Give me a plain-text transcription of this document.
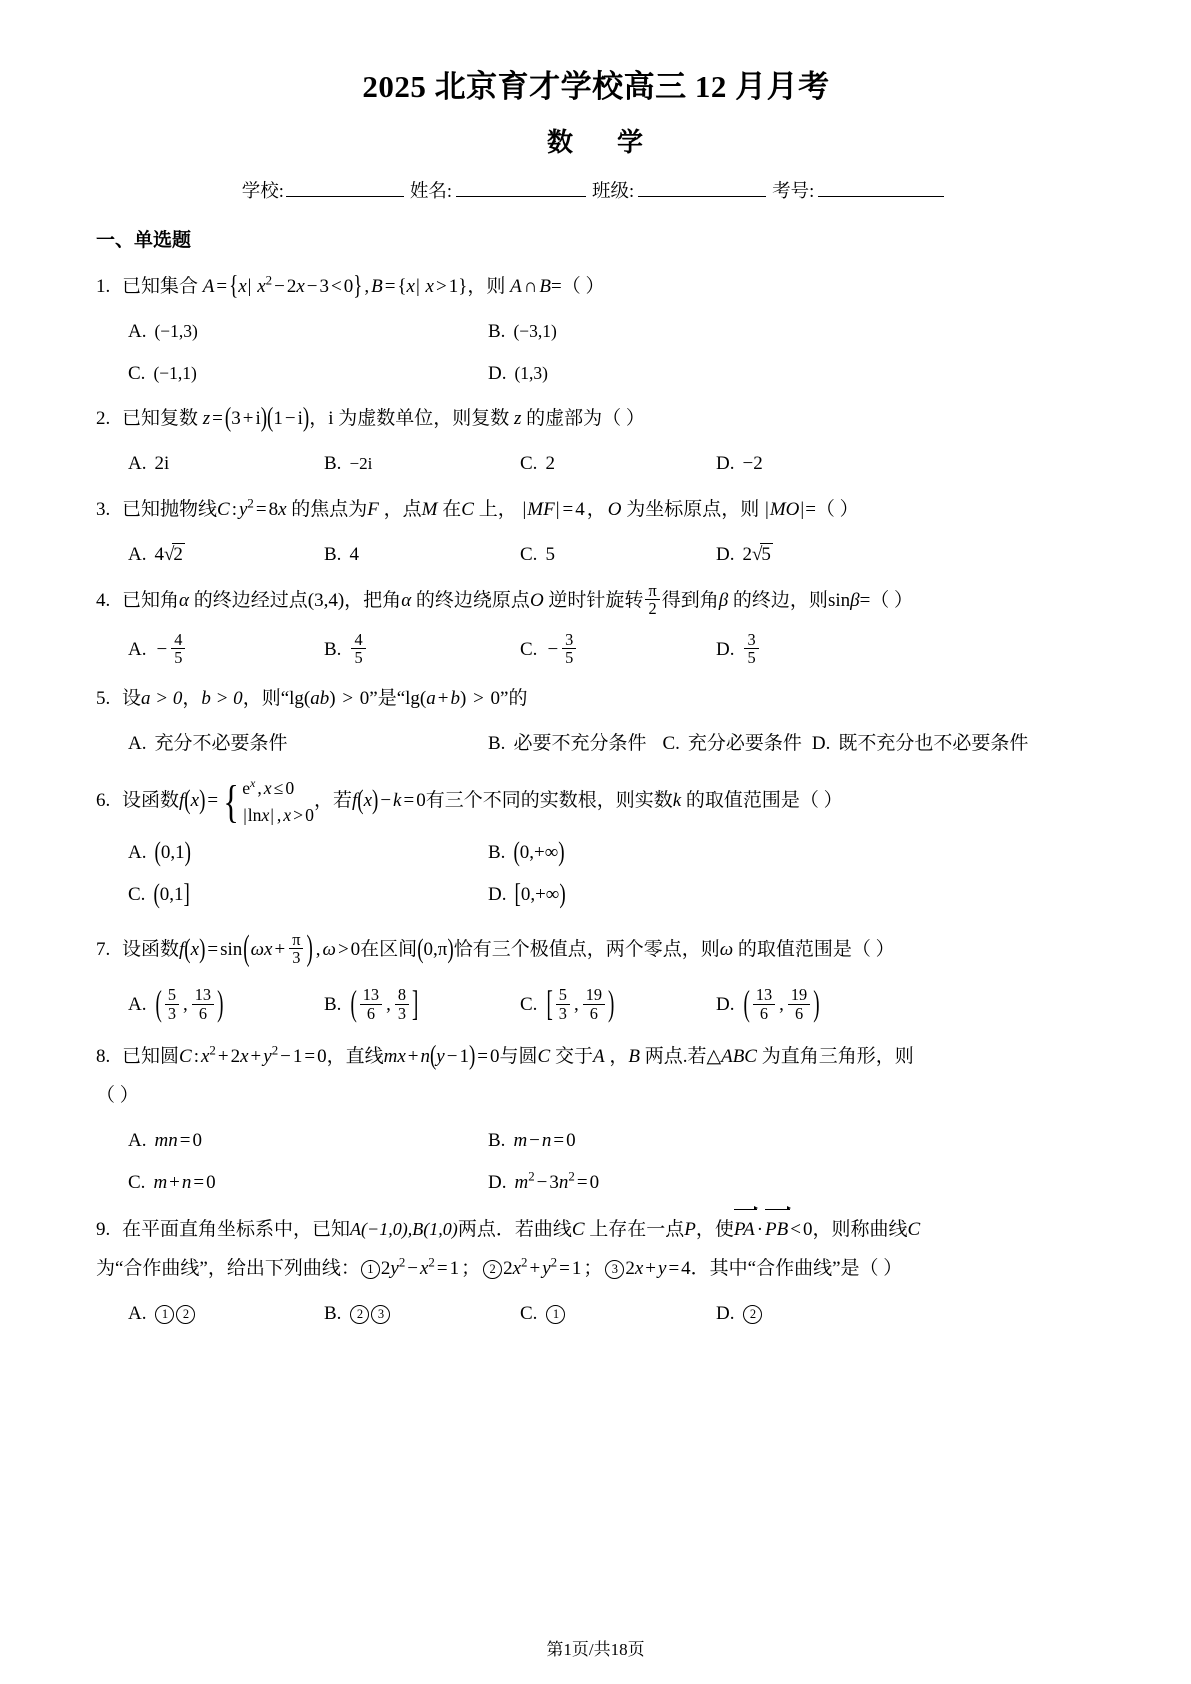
2025 北京育才学校高三 12 月月考
数 学
学校:	姓名:	班级:	考号:
一、单选题
1. 已知集合 A = {x| $x^2 - 2x - 3 < 0$} , B = {x| x > 1}，则 A ∩ B=（ ）
A. (−1,3)	B. (−3,1)
C. (−1,1)	D. (1,3)
2. 已知复数 z = (3 + i)(1 − i)，i 为虚数单位，则复数 z 的虚部为（ ）
A. 2i	B. −2i	C. 2	D. −2
3. 已知抛物线C : $y^2 = 8x$ 的焦点为F ，点M 在C 上， |MF| = 4 ， O 为坐标原点，则 |MO|=（ ）
A. 4√2	B. 4	C. 5	D. 2√5
4. 已知角α 的终边经过点(3,4)，把角α 的终边绕原点O 逆时针旋转 $\frac{\pi}{2}$ 得到角β 的终边，则sinβ=（ ）
A. − $\frac{4}{5}$	B. $\frac{4}{5}$	C. − $\frac{3}{5}$	D. $\frac{3}{5}$
5. 设a > 0，b > 0，则“lg(ab) > 0”是“lg(a + b) > 0”的
A. 充分不必要条件	B. 必要不充分条件 C. 充分必要条件 D. 既不充分也不必要条件
6. 设函数f(x) = { $e^x$ , x ≤ 0
|lnx| , x > 0
，若f(x) − k = 0有三个不同的实数根，则实数k 的取值范围是（ ）
A. (0,1)	B. (0,+∞)
C. (0,1]	D. [0,+∞)
7. 设函数$f(x) = \sin(\omega x + \frac{\pi}{3}$ ) , ω > 0在区间(0,π)恰有三个极值点，两个零点，则ω 的取值范围是（ ）
A. ( $\frac{5}{3}$ , $\frac{13}{6}$ )	B. ( $\frac{13}{6}$ , $\frac{8}{3}$ ]	C. [ $\frac{5}{3}$ , $\frac{19}{6}$ )	D. ( $\frac{13}{6}$ , $\frac{19}{6}$ )
8. 已知圆C : $x^2 + 2x + y^2 - 1 = 0$，直线mx + n(y − 1) = 0与圆C 交于A ，B 两点.若△ABC 为直角三角形，则
（ ）
A. mn = 0	B. m − n = 0
C. m + n = 0	D. $m^2 - 3n^2 = 0$
9. 在平面直角坐标系中，已知A(−1,0),B(1,0)两点．若曲线C 上存在一点P，使PA · PB < 0，则称曲线C
为“合作曲线”，给出下列曲线： 1 $2y^2 - x^2 = 1$ ； 2 $2x^2 + y^2 = 1$ ； 3 2x + y = 4．其中“合作曲线”是（ ）
A. 1 2	B. 2 3	C. 1	D. 2
第1页/共18页
